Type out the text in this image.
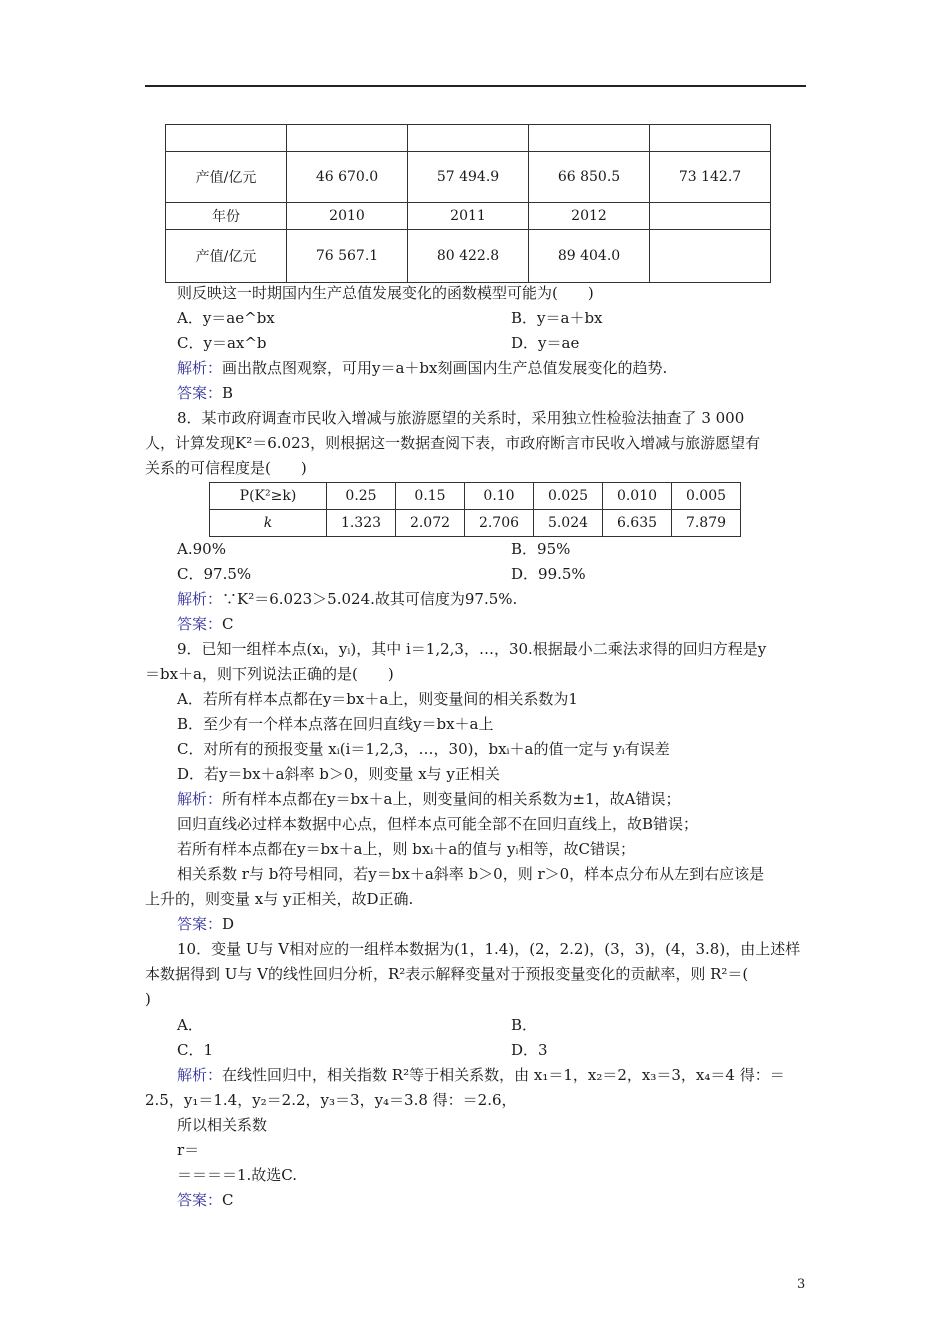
产值/亿元	46 670.0	57 494.9	66 850.5	73 142.7
年份	2010	2011	2012	
产值/亿元	76 567.1	80 422.8	89 404.0	
则反映这一时期国内生产总值发展变化的函数模型可能为(　　)
A．y＝ae^bx	B．y＝a＋bx
C．y＝ax^b	D．y＝ae
解析：画出散点图观察，可用y＝a＋bx刻画国内生产总值发展变化的趋势.
答案：B
8．某市政府调查市民收入增减与旅游愿望的关系时，采用独立性检验法抽查了 3 000
人，计算发现K²＝6.023，则根据这一数据查阅下表，市政府断言市民收入增减与旅游愿望有
关系的可信程度是(　　)
P(K²≥k)	0.25	0.15	0.10	0.025	0.010	0.005
k	1.323	2.072	2.706	5.024	6.635	7.879
A.90%	B．95%
C．97.5%	D．99.5%
解析：∵K²＝6.023＞5.024.故其可信度为97.5%.
答案：C
9．已知一组样本点(xᵢ，yᵢ)，其中 i＝1,2,3，…，30.根据最小二乘法求得的回归方程是y
＝bx＋a，则下列说法正确的是(　　)
A．若所有样本点都在y＝bx＋a上，则变量间的相关系数为1
B．至少有一个样本点落在回归直线y＝bx＋a上
C．对所有的预报变量 xᵢ(i＝1,2,3，…，30)，bxᵢ＋a的值一定与 yᵢ有误差
D．若y＝bx＋a斜率 b＞0，则变量 x与 y正相关
解析：所有样本点都在y＝bx＋a上，则变量间的相关系数为±1，故A错误；
回归直线必过样本数据中心点，但样本点可能全部不在回归直线上，故B错误；
若所有样本点都在y＝bx＋a上，则 bxᵢ＋a的值与 yᵢ相等，故C错误；
相关系数 r与 b符号相同，若y＝bx＋a斜率 b＞0，则 r＞0，样本点分布从左到右应该是
上升的，则变量 x与 y正相关，故D正确.
答案：D
10．变量 U与 V相对应的一组样本数据为(1，1.4)，(2，2.2)，(3，3)，(4，3.8)，由上述样
本数据得到 U与 V的线性回归分析，R²表示解释变量对于预报变量变化的贡献率，则 R²＝(
)
A．	B．
C．1	D．3
解析：在线性回归中，相关指数 R²等于相关系数，由 x₁＝1，x₂＝2，x₃＝3，x₄＝4 得：＝
2.5，y₁＝1.4，y₂＝2.2，y₃＝3，y₄＝3.8 得：＝2.6，
所以相关系数
r＝
＝＝＝＝1.故选C.
答案：C
3
